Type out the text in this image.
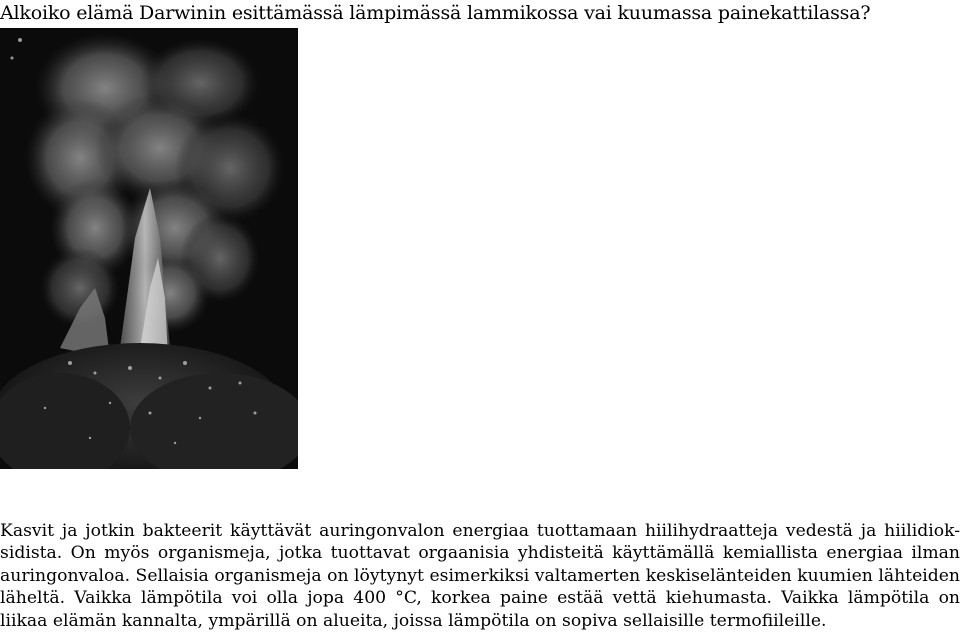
Alkoiko elämä Darwinin esittämässä lämpimässä lammikossa vai kuumassa painekattilassa?
Kasvit ja jotkin bakteerit käyttävät auringonvalon energiaa tuottamaan hiilihydraatteja vedestä ja hiilidiok-
sidista. On myös organismeja, jotka tuottavat orgaanisia yhdisteitä käyttämällä kemiallista energiaa ilman
auringonvaloa. Sellaisia organismeja on löytynyt esimerkiksi valtamerten keskiselänteiden kuumien lähteiden
läheltä. Vaikka lämpötila voi olla jopa 400 °C, korkea paine estää vettä kiehumasta. Vaikka lämpötila on
liikaa elämän kannalta, ympärillä on alueita, joissa lämpötila on sopiva sellaisille termofiileille.
